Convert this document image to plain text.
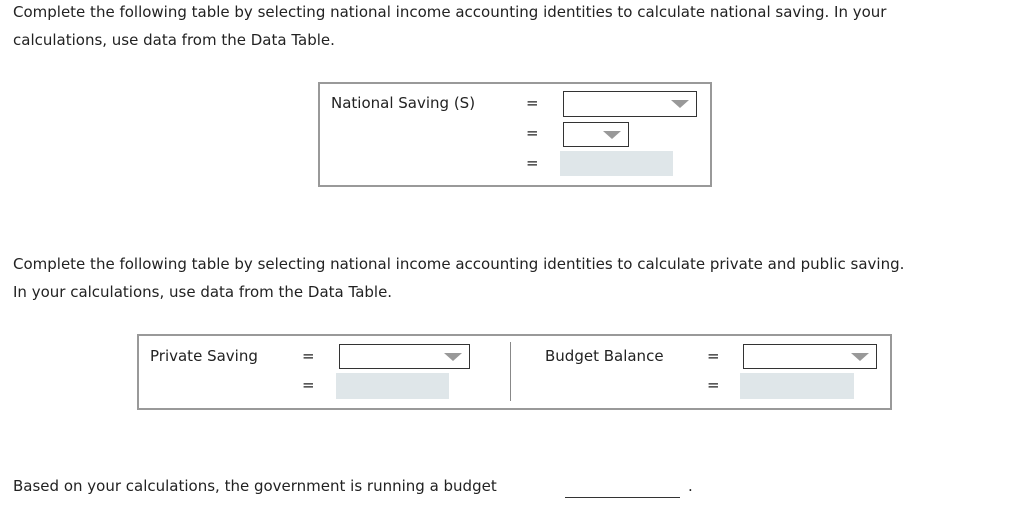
Complete the following table by selecting national income accounting identities to calculate national saving. In your
calculations, use data from the Data Table.
National Saving (S)	=
=
=
Complete the following table by selecting national income accounting identities to calculate private and public saving.
In your calculations, use data from the Data Table.
Private Saving	=
=
Budget Balance	=
=
Based on your calculations, the government is running a budget	.
